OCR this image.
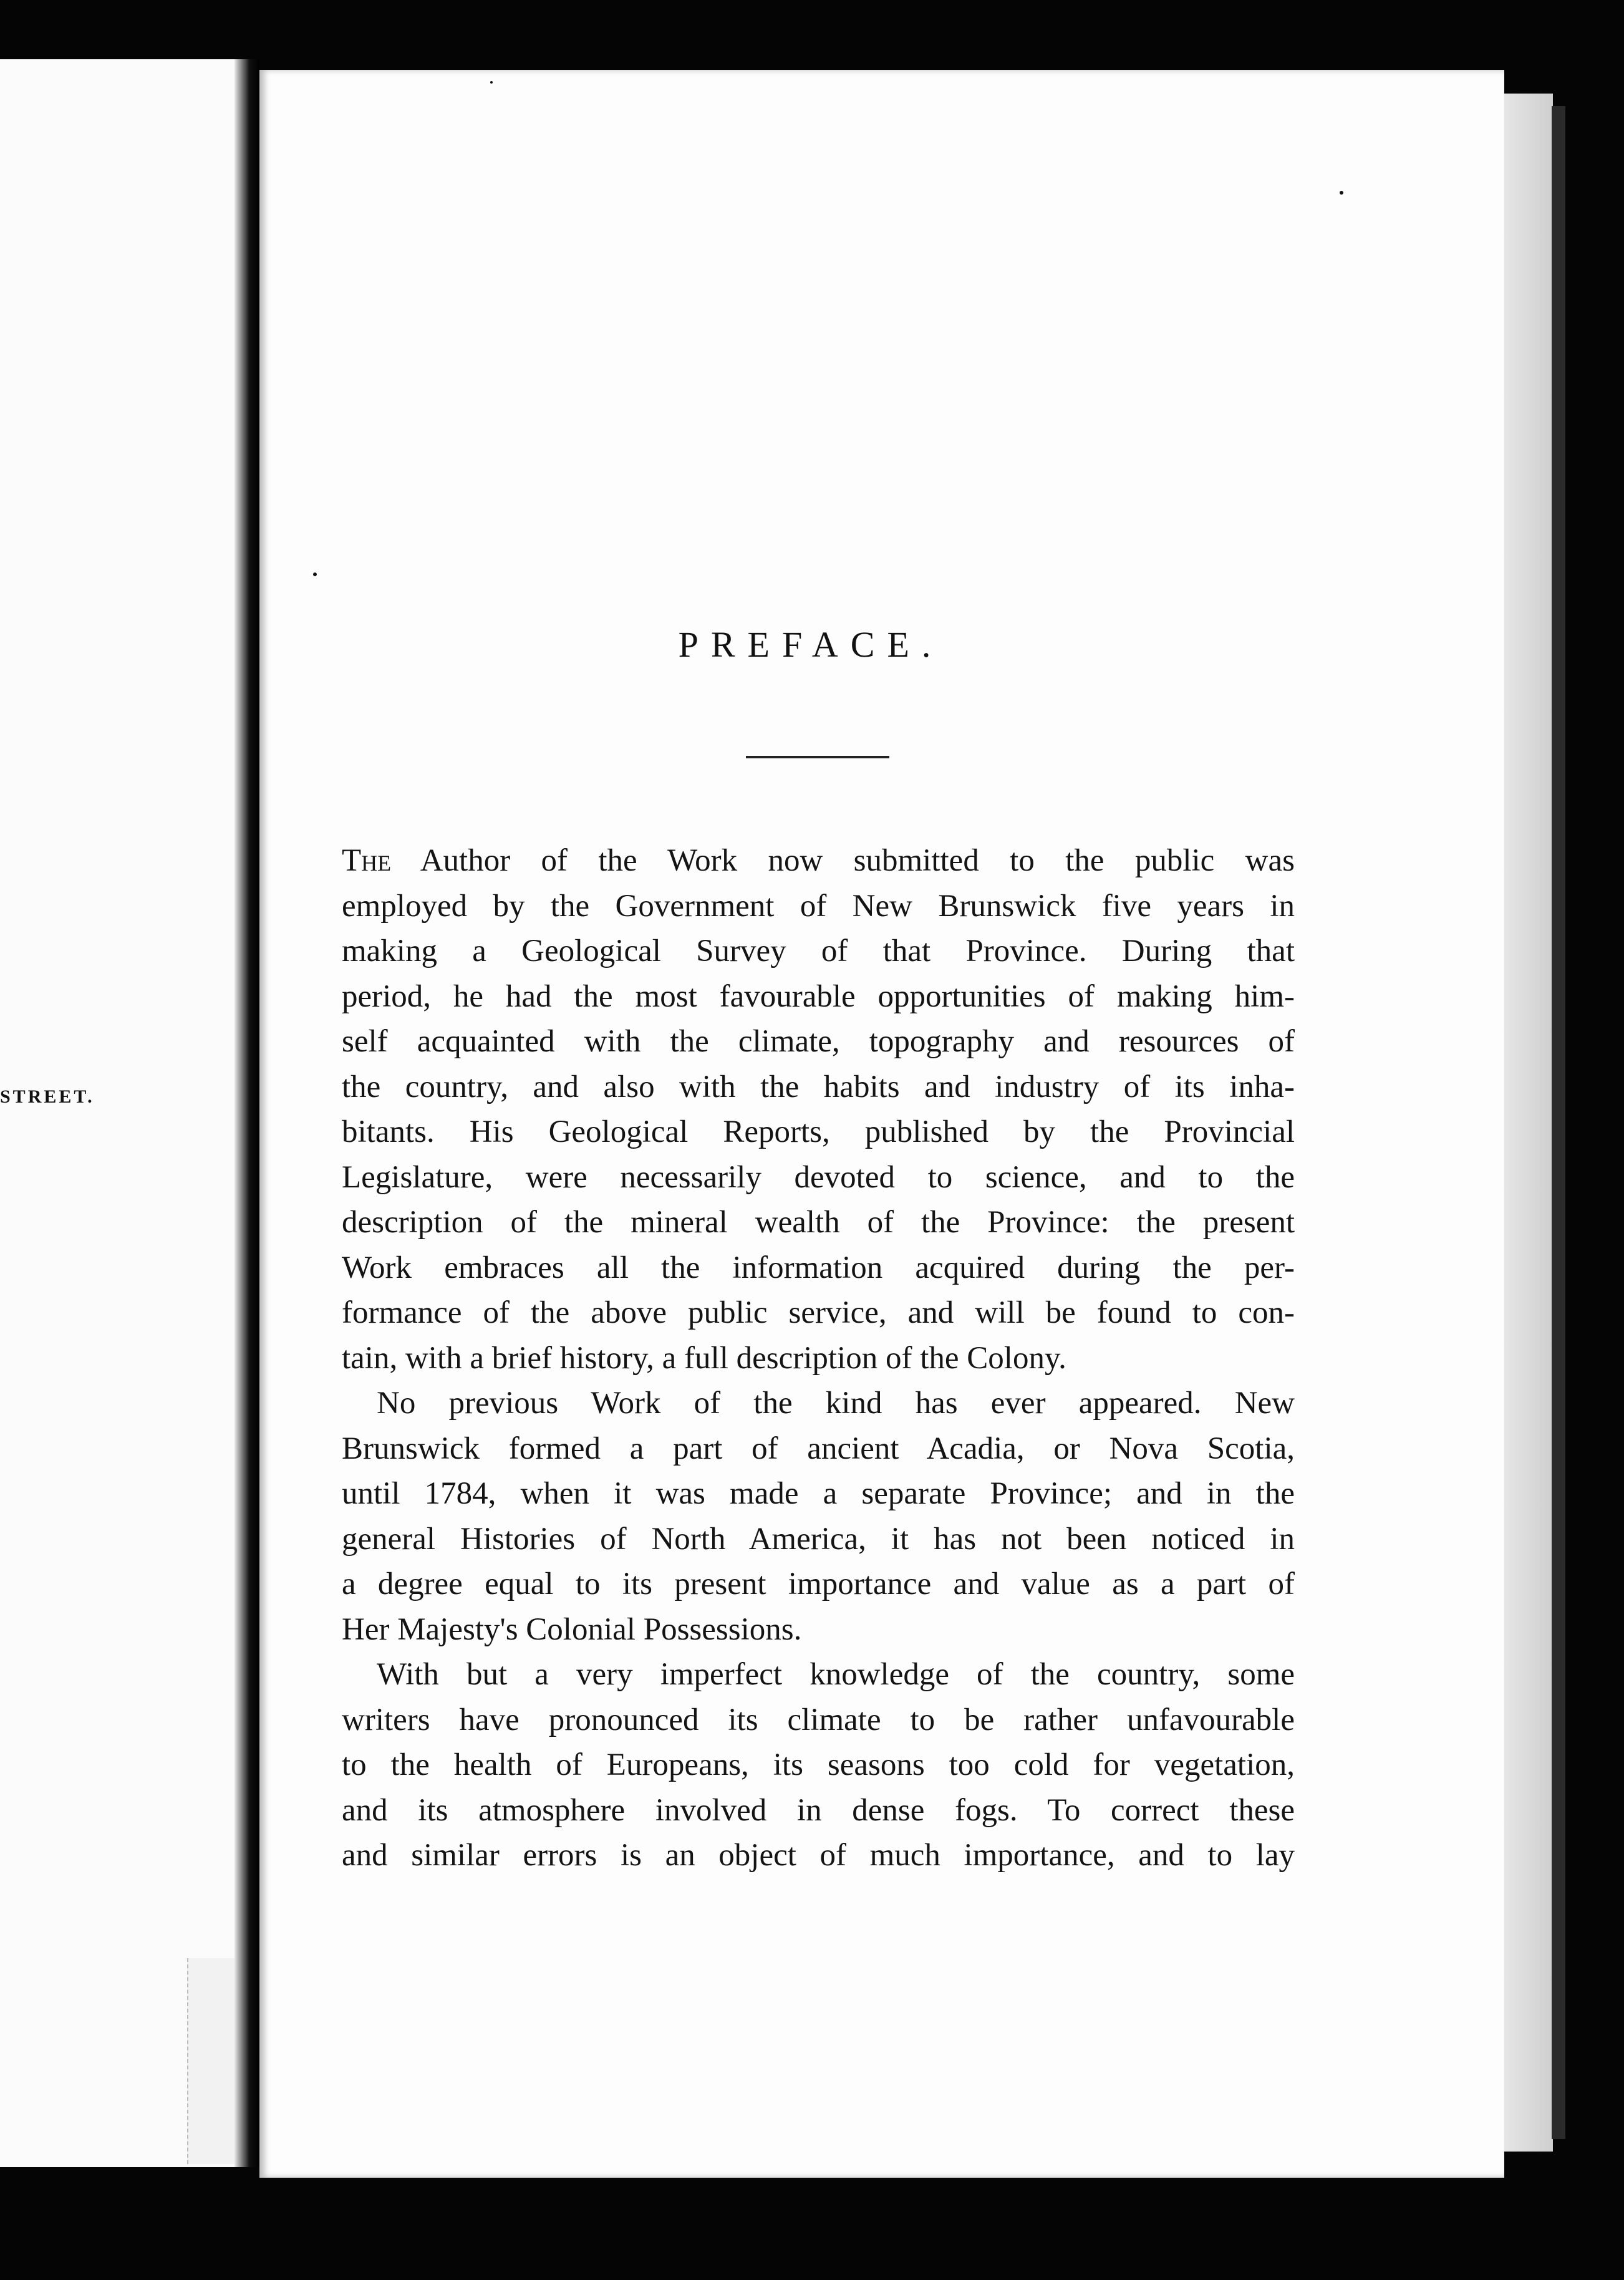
STREET.
PREFACE.
The Author of the Work now submitted to the public was
employed by the Government of New Brunswick five years in
making a Geological Survey of that Province. During that
period, he had the most favourable opportunities of making him-
self acquainted with the climate, topography and resources of
the country, and also with the habits and industry of its inha-
bitants. His Geological Reports, published by the Provincial
Legislature, were necessarily devoted to science, and to the
description of the mineral wealth of the Province: the present
Work embraces all the information acquired during the per-
formance of the above public service, and will be found to con-
tain, with a brief history, a full description of the Colony.
No previous Work of the kind has ever appeared. New
Brunswick formed a part of ancient Acadia, or Nova Scotia,
until 1784, when it was made a separate Province; and in the
general Histories of North America, it has not been noticed in
a degree equal to its present importance and value as a part of
Her Majesty's Colonial Possessions.
With but a very imperfect knowledge of the country, some
writers have pronounced its climate to be rather unfavourable
to the health of Europeans, its seasons too cold for vegetation,
and its atmosphere involved in dense fogs. To correct these
and similar errors is an object of much importance, and to lay
